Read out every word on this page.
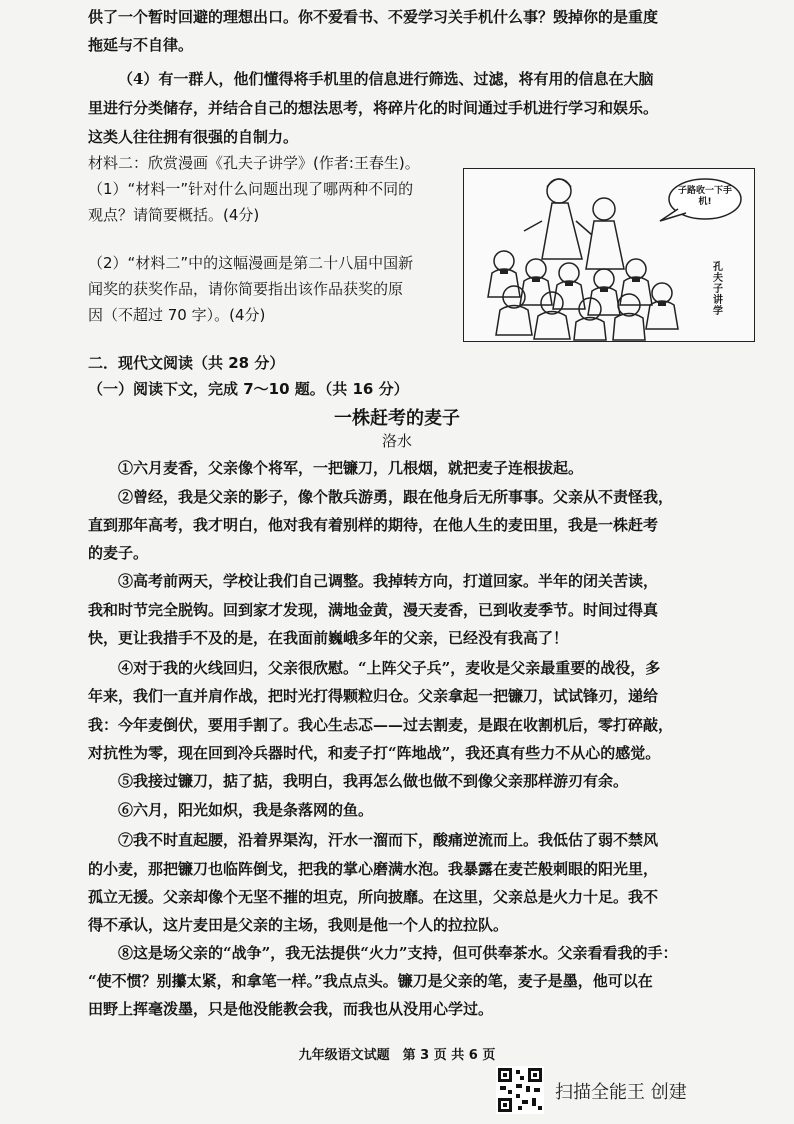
供了一个暂时回避的理想出口。你不爱看书、不爱学习关手机什么事？毁掉你的是重度
拖延与不自律。
（4）有一群人，他们懂得将手机里的信息进行筛选、过滤，将有用的信息在大脑
里进行分类储存，并结合自己的想法思考，将碎片化的时间通过手机进行学习和娱乐。
这类人往往拥有很强的自制力。
材料二：欣赏漫画《孔夫子讲学》(作者:王春生)。
（1）“材料一”针对什么问题出现了哪两种不同的
观点？请简要概括。(4分)
（2）“材料二”中的这幅漫画是第二十八届中国新
闻奖的获奖作品，请你简要指出该作品获奖的原
因（不超过 70 字）。(4分)
子路收一下手机!
孔
夫
子
讲
学
二．现代文阅读（共 28 分）
（一）阅读下文，完成 7～10 题。（共 16 分）
一株赶考的麦子
洛水
①六月麦香，父亲像个将军，一把镰刀，几根烟，就把麦子连根拔起。
②曾经，我是父亲的影子，像个散兵游勇，跟在他身后无所事事。父亲从不责怪我，
直到那年高考，我才明白，他对我有着别样的期待，在他人生的麦田里，我是一株赶考
的麦子。
③高考前两天，学校让我们自己调整。我掉转方向，打道回家。半年的闭关苦读，
我和时节完全脱钩。回到家才发现，满地金黄，漫天麦香，已到收麦季节。时间过得真
快，更让我措手不及的是，在我面前巍峨多年的父亲，已经没有我高了！
④对于我的火线回归，父亲很欣慰。“上阵父子兵”，麦收是父亲最重要的战役，多
年来，我们一直并肩作战，把时光打得颗粒归仓。父亲拿起一把镰刀，试试锋刃，递给
我：今年麦倒伏，要用手割了。我心生忐忑——过去割麦，是跟在收割机后，零打碎敲，
对抗性为零，现在回到冷兵器时代，和麦子打“阵地战”，我还真有些力不从心的感觉。
⑤我接过镰刀，掂了掂，我明白，我再怎么做也做不到像父亲那样游刃有余。
⑥六月，阳光如炽，我是条落网的鱼。
⑦我不时直起腰，沿着界渠沟，汗水一溜而下，酸痛逆流而上。我低估了弱不禁风
的小麦，那把镰刀也临阵倒戈，把我的掌心磨满水泡。我暴露在麦芒般刺眼的阳光里，
孤立无援。父亲却像个无坚不摧的坦克，所向披靡。在这里，父亲总是火力十足。我不
得不承认，这片麦田是父亲的主场，我则是他一个人的拉拉队。
⑧这是场父亲的“战争”，我无法提供“火力”支持，但可供奉茶水。父亲看看我的手：
“使不惯？别攥太紧，和拿笔一样。”我点点头。镰刀是父亲的笔，麦子是墨，他可以在
田野上挥毫泼墨，只是他没能教会我，而我也从没用心学过。
九年级语文试题　第 3 页 共 6 页
扫描全能王 创建
